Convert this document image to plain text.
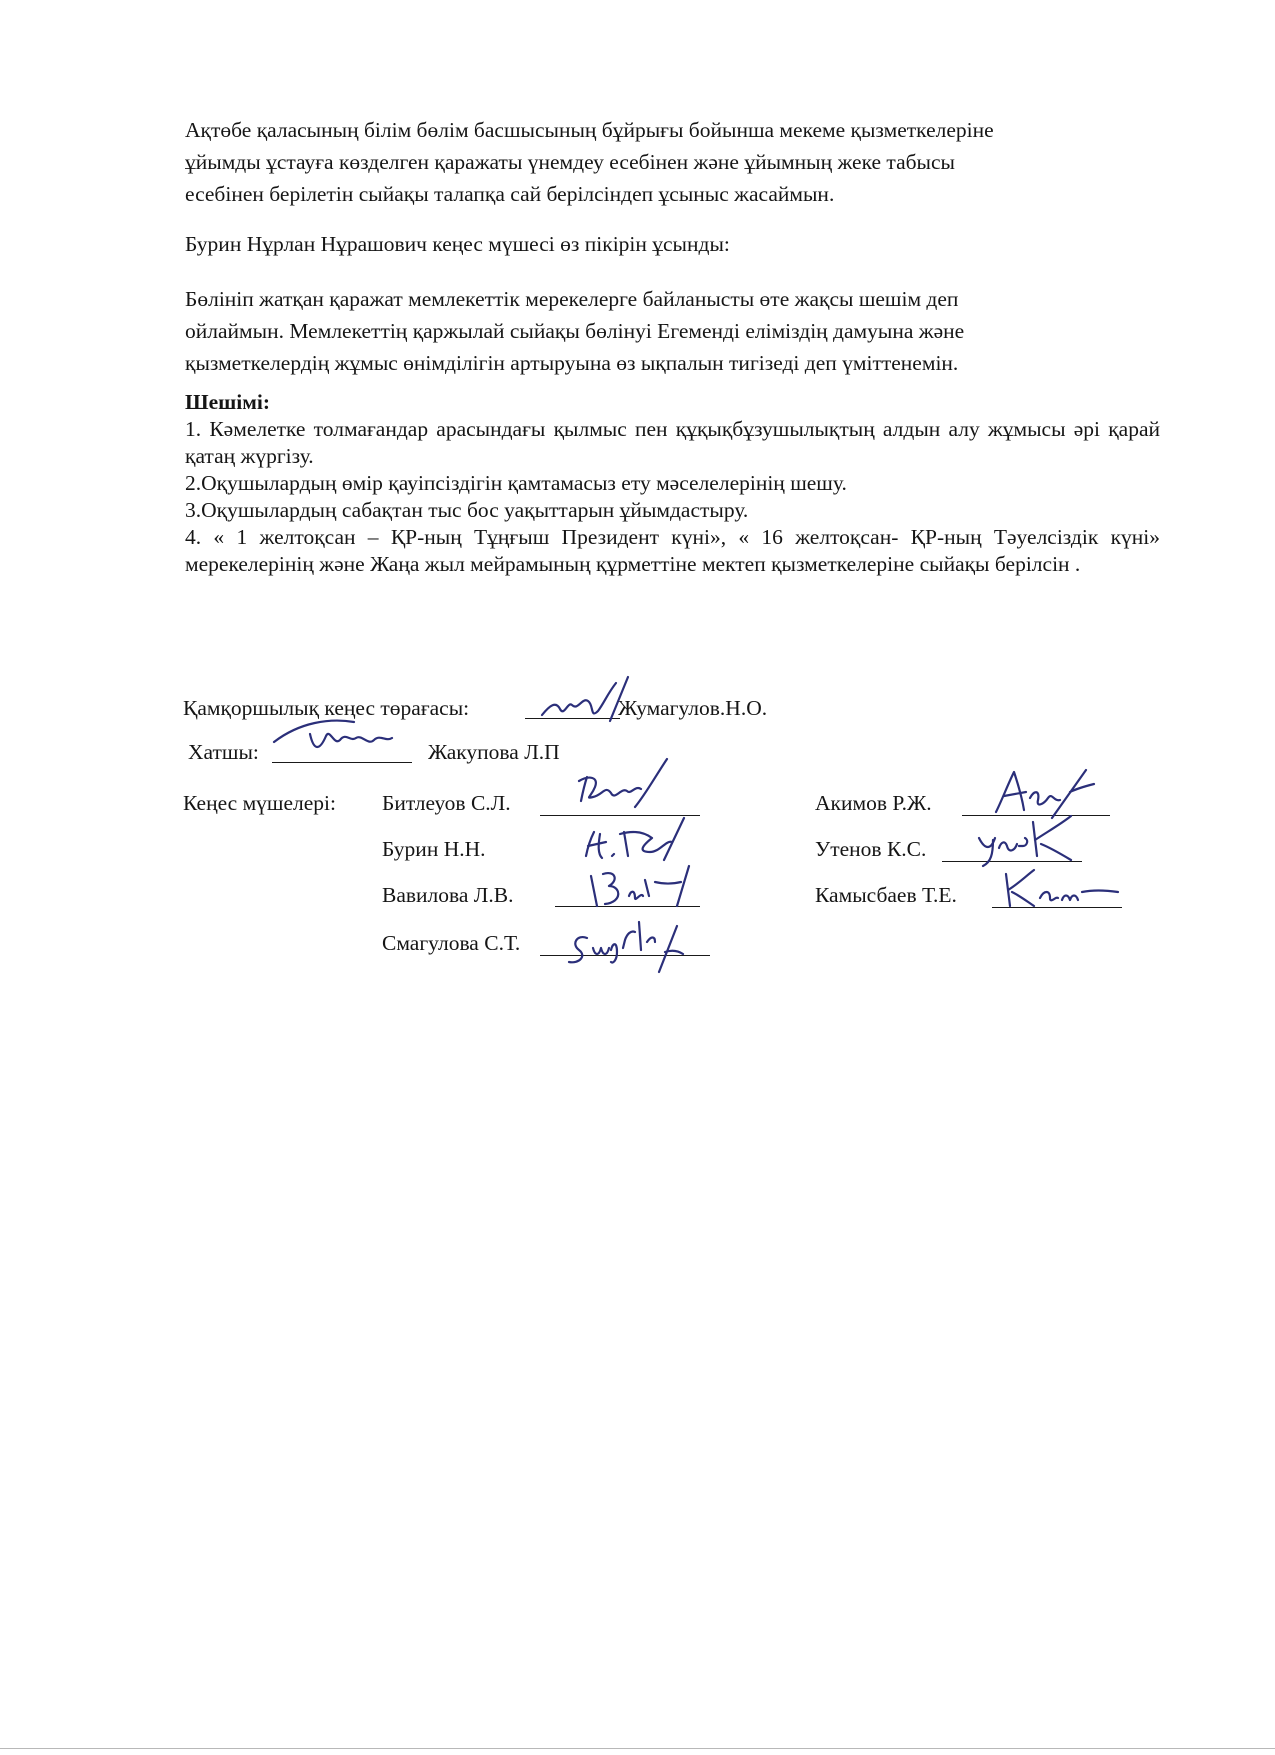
Ақтөбе қаласының білім бөлім басшысының бұйрығы бойынша мекеме қызметкелеріне
ұйымды ұстауға көзделген қаражаты үнемдеу есебінен және ұйымның жеке табысы
есебінен берілетін сыйақы талапқа сай берілсіндеп ұсыныс жасаймын.
Бурин Нұрлан Нұрашович кеңес мүшесі өз пікірін ұсынды:
Бөлініп жатқан қаражат мемлекеттік мерекелерге байланысты өте жақсы шешім деп
ойлаймын. Мемлекеттің қаржылай сыйақы бөлінуі Егеменді еліміздің дамуына және
қызметкелердің жұмыс өнімділігін артыруына өз ықпалын тигізеді деп үміттенемін.
Шешімі:
1. Кәмелетке толмағандар арасындағы қылмыс пен құқықбұзушылықтың алдын алу жұмысы әрі қарай қатаң жүргізу.
2.Оқушылардың өмір қауіпсіздігін қамтамасыз ету мәселелерінің шешу.
3.Оқушылардың сабақтан тыс бос уақыттарын ұйымдастыру.
4. « 1 желтоқсан – ҚР-ның Тұңғыш Президент күні», « 16 желтоқсан- ҚР-ның Тәуелсіздік күні» мерекелерінің және Жаңа жыл мейрамының құрметтіне мектеп қызметкелеріне сыйақы берілсін .
Қамқоршылық кеңес төрағасы:	Жумагулов.Н.О.
Хатшы:	Жакупова Л.П
Кеңес мүшелері: Битлеуов С.Л.
Бурин Н.Н.
Вавилова Л.В.
Смагулова С.Т.
Акимов Р.Ж.
Утенов К.С.
Камысбаев Т.Е.
